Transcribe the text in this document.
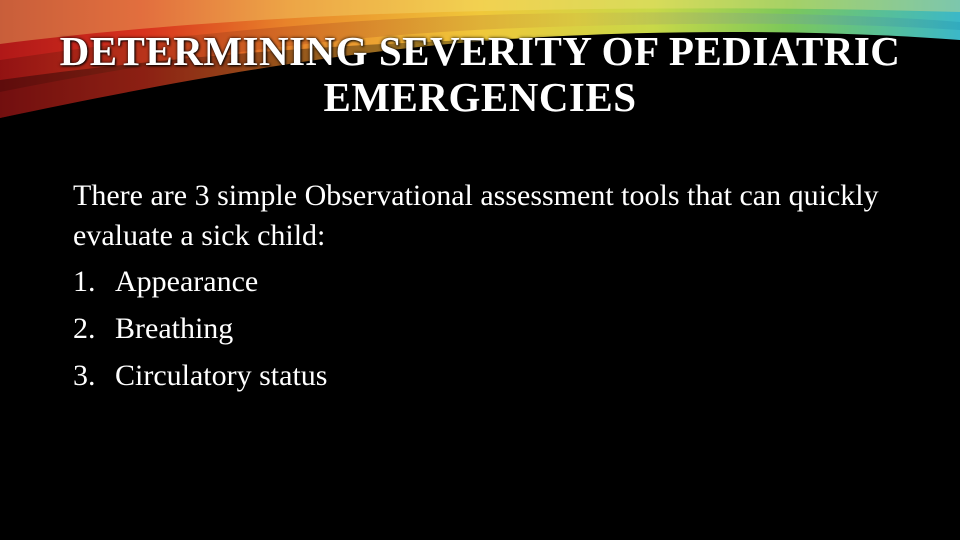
DETERMINING SEVERITY OF PEDIATRIC
EMERGENCIES

There are 3 simple Observational assessment tools that can quickly evaluate a sick child:

1. Appearance
2. Breathing
3. Circulatory status
